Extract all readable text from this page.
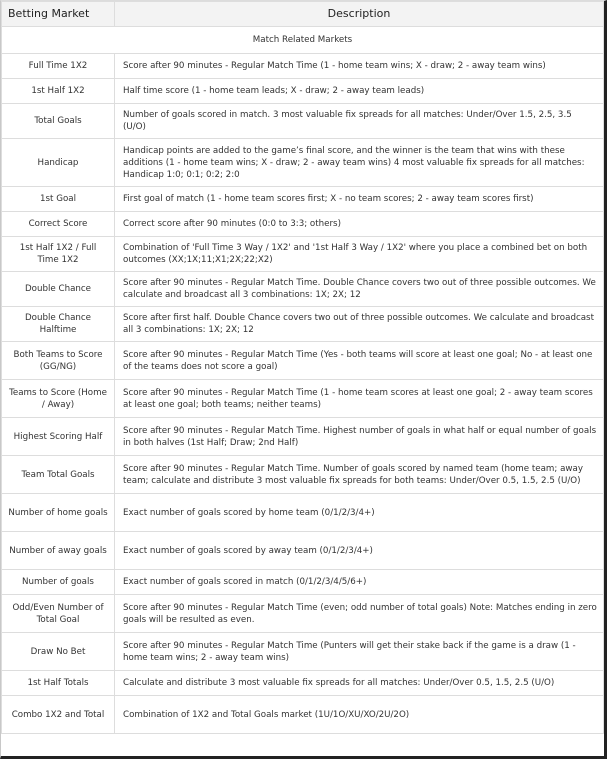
Betting Market	Description
Match Related Markets	
Full Time 1X2	Score after 90 minutes - Regular Match Time (1 - home team wins; X - draw; 2 - away team wins)
1st Half 1X2	Half time score (1 - home team leads; X - draw; 2 - away team leads)
Total Goals	Number of goals scored in match. 3 most valuable fix spreads for all matches: Under/Over 1.5, 2.5, 3.5 (U/O)
Handicap	Handicap points are added to the game’s final score, and the winner is the team that wins with these additions (1 - home team wins; X - draw; 2 - away team wins) 4 most valuable fix spreads for all matches: Handicap 1:0; 0:1; 0:2; 2:0
1st Goal	First goal of match (1 - home team scores first; X - no team scores; 2 - away team scores first)
Correct Score	Correct score after 90 minutes (0:0 to 3:3; others)
1st Half 1X2 / Full Time 1X2	Combination of 'Full Time 3 Way / 1X2' and '1st Half 3 Way / 1X2' where you place a combined bet on both outcomes (XX;1X;11;X1;2X;22;X2)
Double Chance	Score after 90 minutes - Regular Match Time. Double Chance covers two out of three possible outcomes. We calculate and broadcast all 3 combinations: 1X; 2X; 12
Double Chance Halftime	Score after first half. Double Chance covers two out of three possible outcomes. We calculate and broadcast all 3 combinations: 1X; 2X; 12
Both Teams to Score (GG/NG)	Score after 90 minutes - Regular Match Time (Yes - both teams will score at least one goal; No - at least one of the teams does not score a goal)
Teams to Score (Home / Away)	Score after 90 minutes - Regular Match Time (1 - home team scores at least one goal; 2 - away team scores at least one goal; both teams; neither teams)
Highest Scoring Half	Score after 90 minutes - Regular Match Time. Highest number of goals in what half or equal number of goals in both halves (1st Half; Draw; 2nd Half)
Team Total Goals	Score after 90 minutes - Regular Match Time. Number of goals scored by named team (home team; away team; calculate and distribute 3 most valuable fix spreads for both teams: Under/Over 0.5, 1.5, 2.5 (U/O)
Number of home goals	Exact number of goals scored by home team (0/1/2/3/4+)
Number of away goals	Exact number of goals scored by away team (0/1/2/3/4+)
Number of goals	Exact number of goals scored in match (0/1/2/3/4/5/6+)
Odd/Even Number of Total Goal	Score after 90 minutes - Regular Match Time (even; odd number of total goals) Note: Matches ending in zero goals will be resulted as even.
Draw No Bet	Score after 90 minutes - Regular Match Time (Punters will get their stake back if the game is a draw (1 - home team wins; 2 - away team wins)
1st Half Totals	Calculate and distribute 3 most valuable fix spreads for all matches: Under/Over 0.5, 1.5, 2.5 (U/O)
Combo 1X2 and Total	Combination of 1X2 and Total Goals market (1U/1O/XU/XO/2U/2O)
